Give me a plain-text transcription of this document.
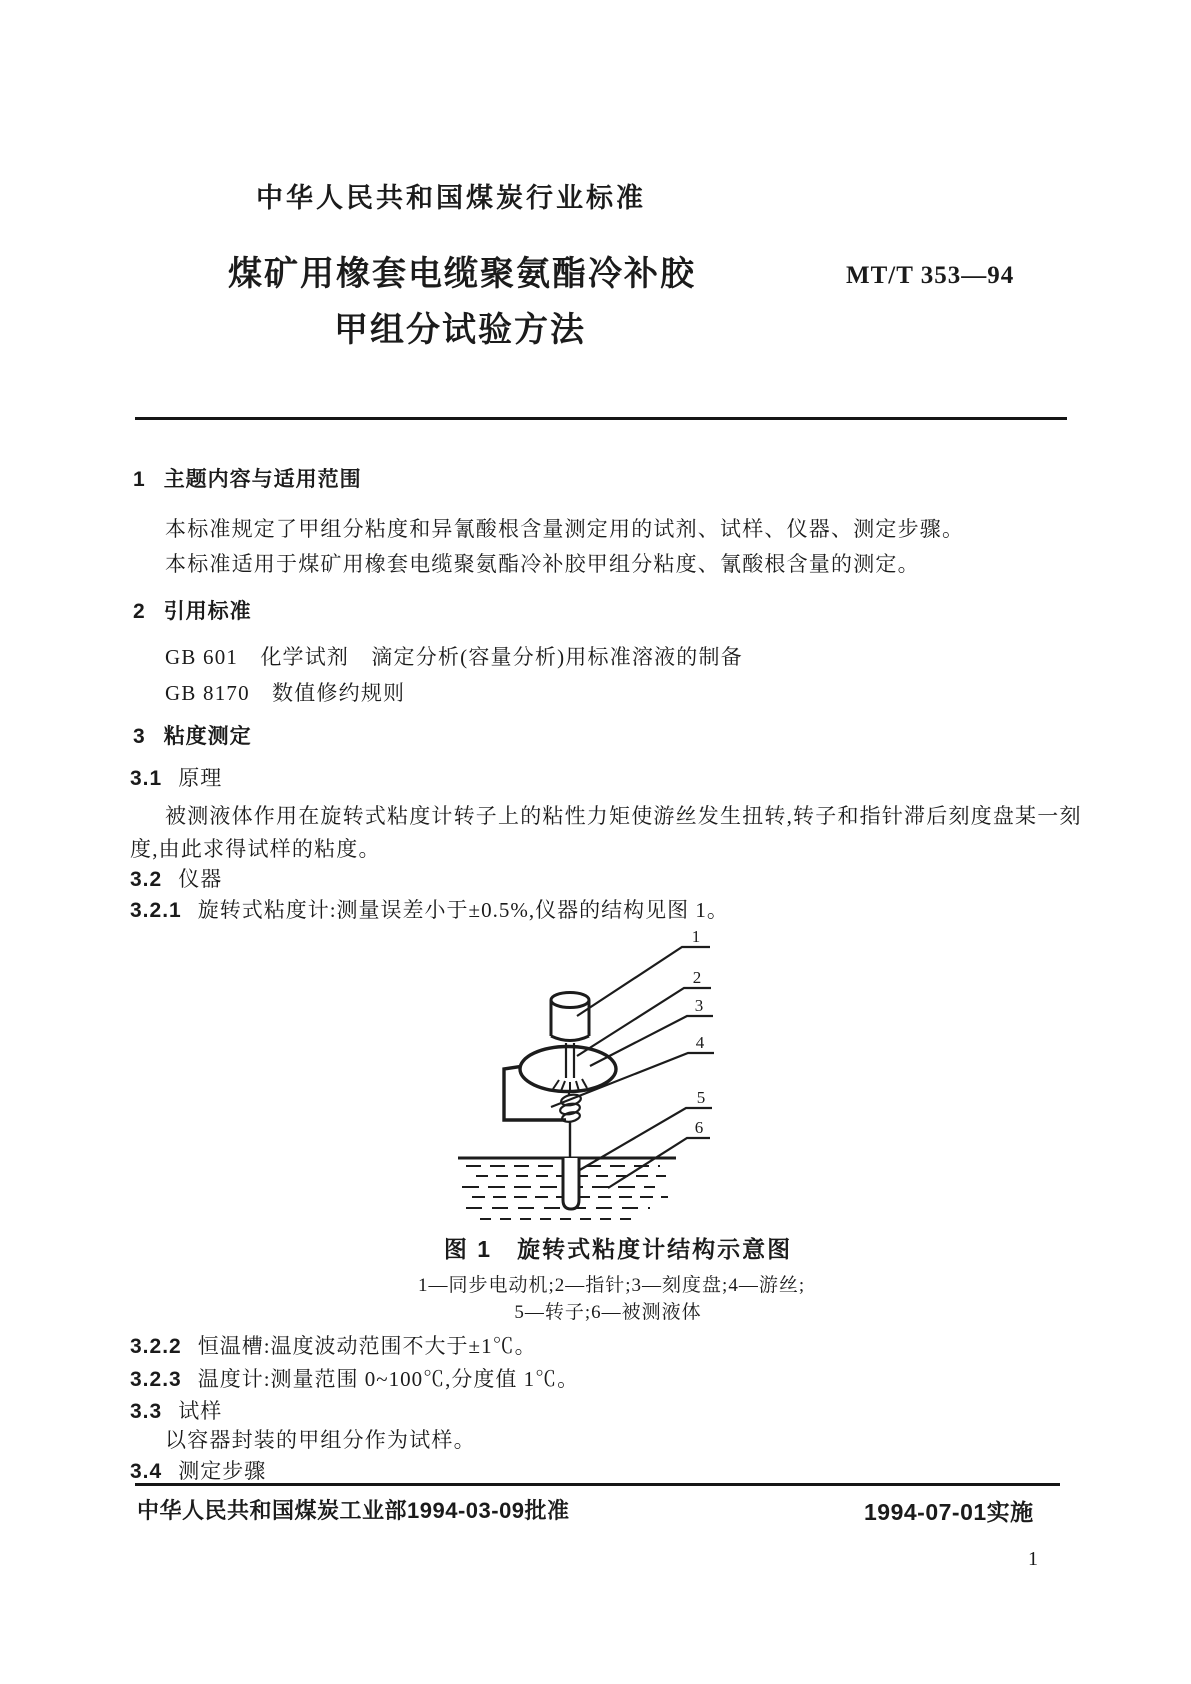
中华人民共和国煤炭行业标准
煤矿用橡套电缆聚氨酯冷补胶
甲组分试验方法
MT/T 353—94
1 主题内容与适用范围
本标准规定了甲组分粘度和异氰酸根含量测定用的试剂、试样、仪器、测定步骤。
本标准适用于煤矿用橡套电缆聚氨酯冷补胶甲组分粘度、氰酸根含量的测定。
2 引用标准
GB 601　化学试剂　滴定分析(容量分析)用标准溶液的制备
GB 8170　数值修约规则
3 粘度测定
3.1 原理
被测液体作用在旋转式粘度计转子上的粘性力矩使游丝发生扭转,转子和指针滞后刻度盘某一刻
度,由此求得试样的粘度。
3.2 仪器
3.2.1 旋转式粘度计:测量误差小于±0.5%,仪器的结构见图 1。
1
2
3
4
5
6
图 1　旋转式粘度计结构示意图
1—同步电动机;2—指针;3—刻度盘;4—游丝;
5—转子;6—被测液体
3.2.2 恒温槽:温度波动范围不大于±1℃。
3.2.3 温度计:测量范围 0~100℃,分度值 1℃。
3.3 试样
以容器封装的甲组分作为试样。
3.4 测定步骤
中华人民共和国煤炭工业部1994-03-09批准	1994-07-01实施
1
